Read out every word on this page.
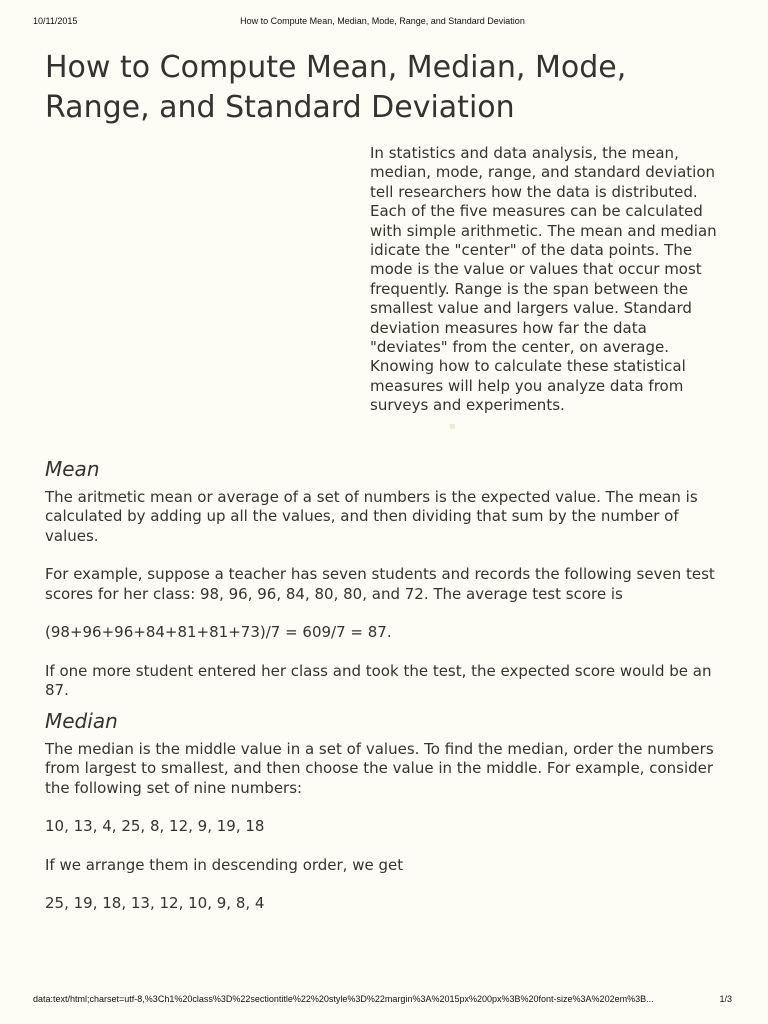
10/11/2015	How to Compute Mean, Median, Mode, Range, and Standard Deviation
How to Compute Mean, Median, Mode, Range, and Standard Deviation

In statistics and data analysis, the mean, median, mode, range, and standard deviation tell researchers how the data is distributed. Each of the five measures can be calculated with simple arithmetic. The mean and median idicate the "center" of the data points. The mode is the value or values that occur most frequently. Range is the span between the smallest value and largers value. Standard deviation measures how far the data "deviates" from the center, on average. Knowing how to calculate these statistical measures will help you analyze data from surveys and experiments.

Mean

The aritmetic mean or average of a set of numbers is the expected value. The mean is calculated by adding up all the values, and then dividing that sum by the number of values.

For example, suppose a teacher has seven students and records the following seven test scores for her class: 98, 96, 96, 84, 80, 80, and 72. The average test score is

(98+96+96+84+81+81+73)/7 = 609/7 = 87.

If one more student entered her class and took the test, the expected score would be an 87.

Median

The median is the middle value in a set of values. To find the median, order the numbers from largest to smallest, and then choose the value in the middle. For example, consider the following set of nine numbers:

10, 13, 4, 25, 8, 12, 9, 19, 18

If we arrange them in descending order, we get

25, 19, 18, 13, 12, 10, 9, 8, 4

data:text/html;charset=utf-8,%3Ch1%20class%3D%22sectiontitle%22%20style%3D%22margin%3A%2015px%200px%3B%20font-size%3A%202em%3B...	1/3
